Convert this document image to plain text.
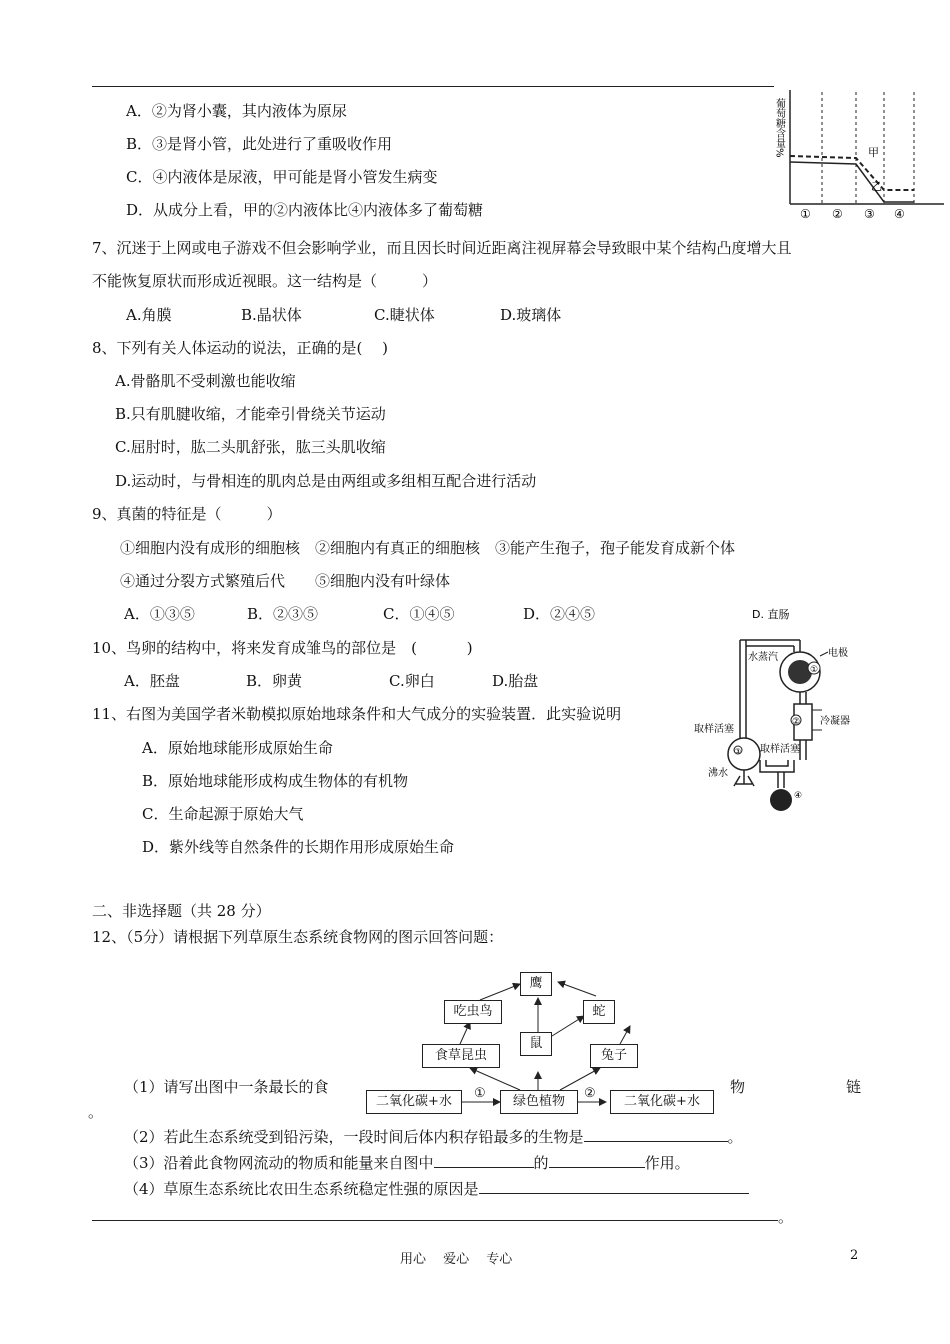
A．②为肾小囊，其内液体为原尿
B．③是肾小管，此处进行了重吸收作用
C．④内液体是尿液，甲可能是肾小管发生病变
D．从成分上看，甲的②内液体比④内液体多了葡萄糖
葡萄糖含量%	甲
乙
① ② ③ ④
7、沉迷于上网或电子游戏不但会影响学业，而且因长时间近距离注视屏幕会导致眼中某个结构凸度增大且
不能恢复原状而形成近视眼。这一结构是（　　　）
A.角膜	B.晶状体	C.睫状体	D.玻璃体
8、下列有关人体运动的说法，正确的是(　 )
A.骨骼肌不受刺激也能收缩
B.只有肌腱收缩，才能牵引骨绕关节运动
C.屈肘时，肱二头肌舒张，肱三头肌收缩
D.运动时，与骨相连的肌肉总是由两组或多组相互配合进行活动
9、真菌的特征是（　　　）
①细胞内没有成形的细胞核　②细胞内有真正的细胞核　③能产生孢子，孢子能发育成新个体
④通过分裂方式繁殖后代　　⑤细胞内没有叶绿体
A．①③⑤	B．②③⑤	C．①④⑤	D．②④⑤
10、鸟卵的结构中，将来发育成雏鸟的部位是　(　　　 )
A．胚盘	B．卵黄	C.卵白	D.胎盘
11、右图为美国学者米勒模拟原始地球条件和大气成分的实验装置．此实验说明
A．原始地球能形成原始生命
B．原始地球能形成构成生物体的有机物
C．生命起源于原始大气
D．紫外线等自然条件的长期作用形成原始生命
D. 直肠
水蒸汽
①
电极
② 冷凝器
取样活塞
取样活塞
③
沸水
④
二、非选择题（共 28 分）
12、（5分）请根据下列草原生态系统食物网的图示回答问题：
鹰
吃虫鸟	蛇
鼠
食草昆虫	兔子
二氧化碳+水
①
绿色植物
②
二氧化碳+水
（1）请写出图中一条最长的食	物	链
。
（2）若此生态系统受到铅污染，一段时间后体内积存铅最多的生物是	。
（3）沿着此食物网流动的物质和能量来自图中	的	作用。
（4）草原生态系统比农田生态系统稳定性强的原因是
。
用心　 爱心　 专心	2
